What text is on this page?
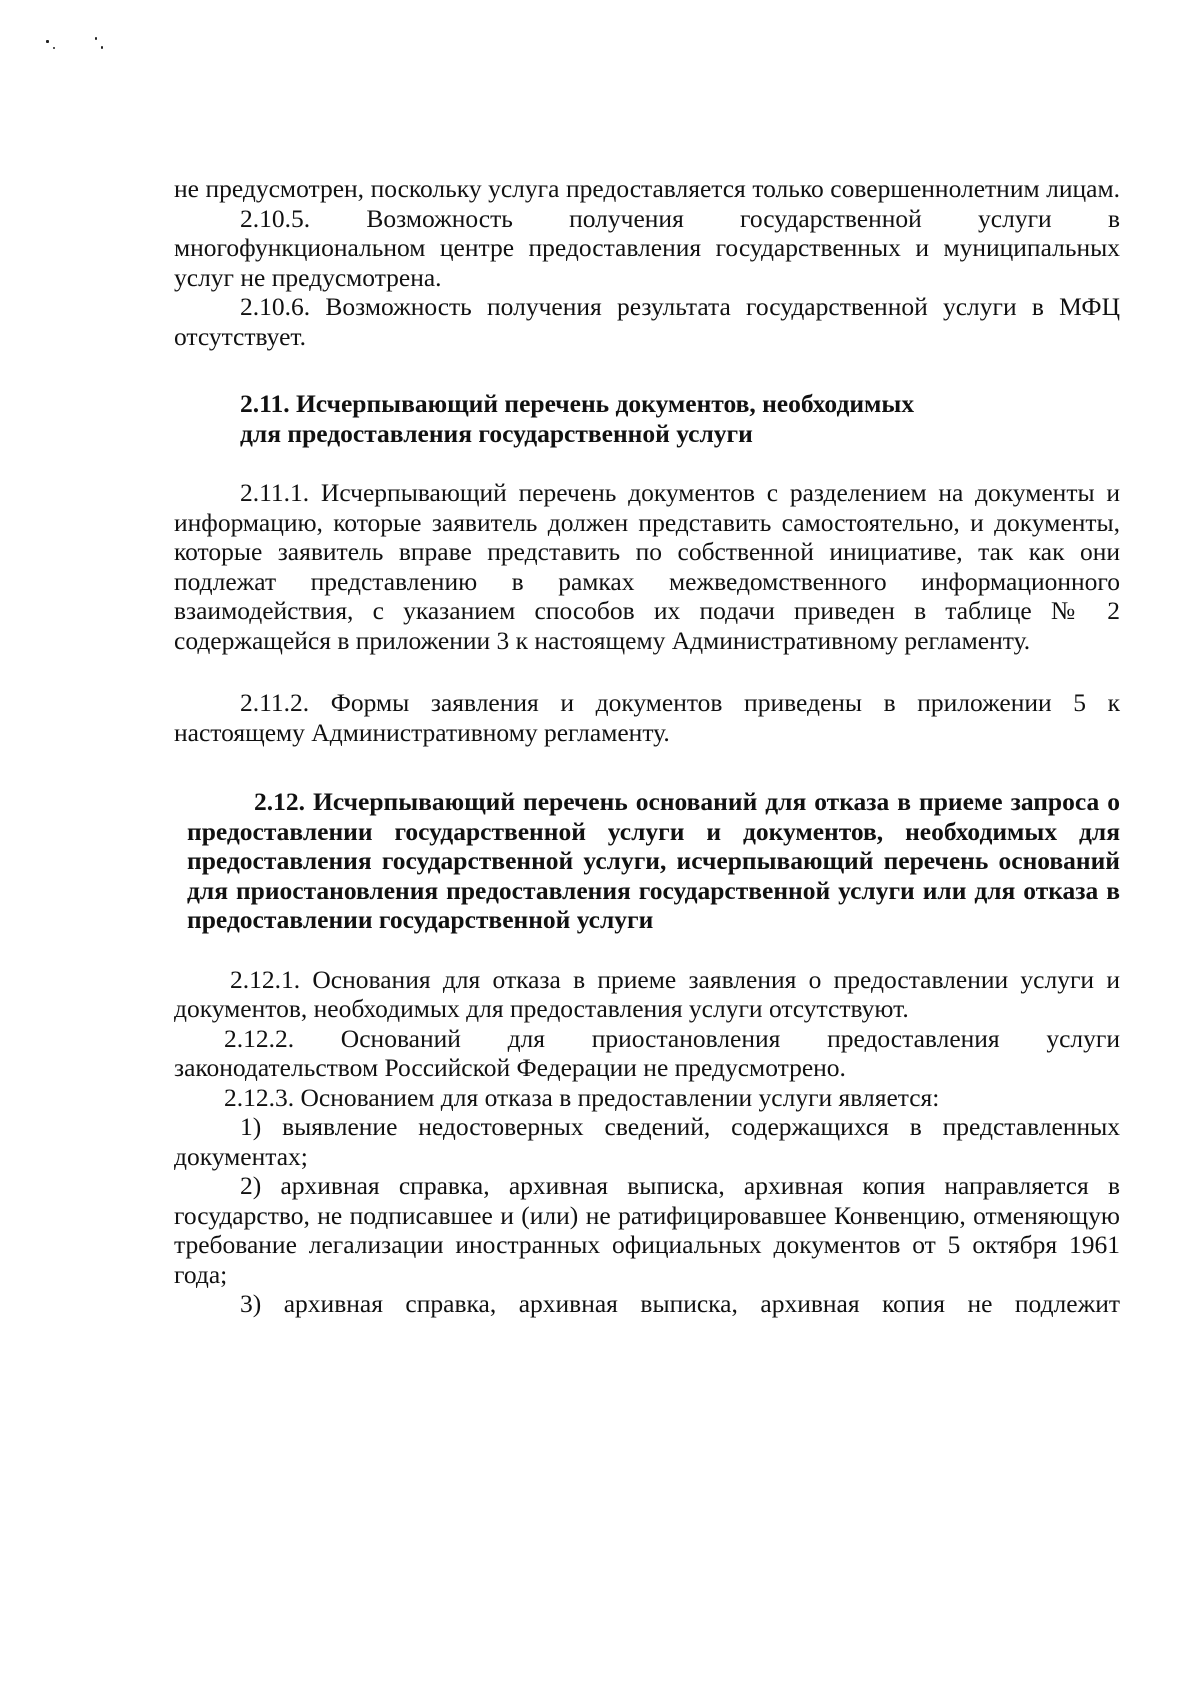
не предусмотрен, поскольку услуга предоставляется только совершеннолетним лицам.

2.10.5. Возможность получения государственной услуги в многофункциональном центре предоставления государственных и муниципальных услуг не предусмотрена.

2.10.6. Возможность получения результата государственной услуги в МФЦ отсутствует.

2.11. Исчерпывающий перечень документов, необходимых
для предоставления государственной услуги

2.11.1. Исчерпывающий перечень документов с разделением на документы и информацию, которые заявитель должен представить самостоятельно, и документы, которые заявитель вправе представить по собственной инициативе, так как они подлежат представлению в рамках межведомственного информационного взаимодействия, с указанием способов их подачи приведен в таблице № 2 содержащейся в приложении 3 к настоящему Административному регламенту.

2.11.2. Формы заявления и документов приведены в приложении 5 к настоящему Административному регламенту.

2.12. Исчерпывающий перечень оснований для отказа в приеме запроса о предоставлении государственной услуги и документов, необходимых для предоставления государственной услуги, исчерпывающий перечень оснований для приостановления предоставления государственной услуги или для отказа в предоставлении государственной услуги

2.12.1. Основания для отказа в приеме заявления о предоставлении услуги и документов, необходимых для предоставления услуги отсутствуют.

2.12.2. Оснований для приостановления предоставления услуги законодательством Российской Федерации не предусмотрено.

2.12.3. Основанием для отказа в предоставлении услуги является:

1) выявление недостоверных сведений, содержащихся в представленных документах;

2) архивная справка, архивная выписка, архивная копия направляется в государство, не подписавшее и (или) не ратифицировавшее Конвенцию, отменяющую требование легализации иностранных официальных документов от 5 октября 1961 года;

3) архивная справка, архивная выписка, архивная копия не подлежит
